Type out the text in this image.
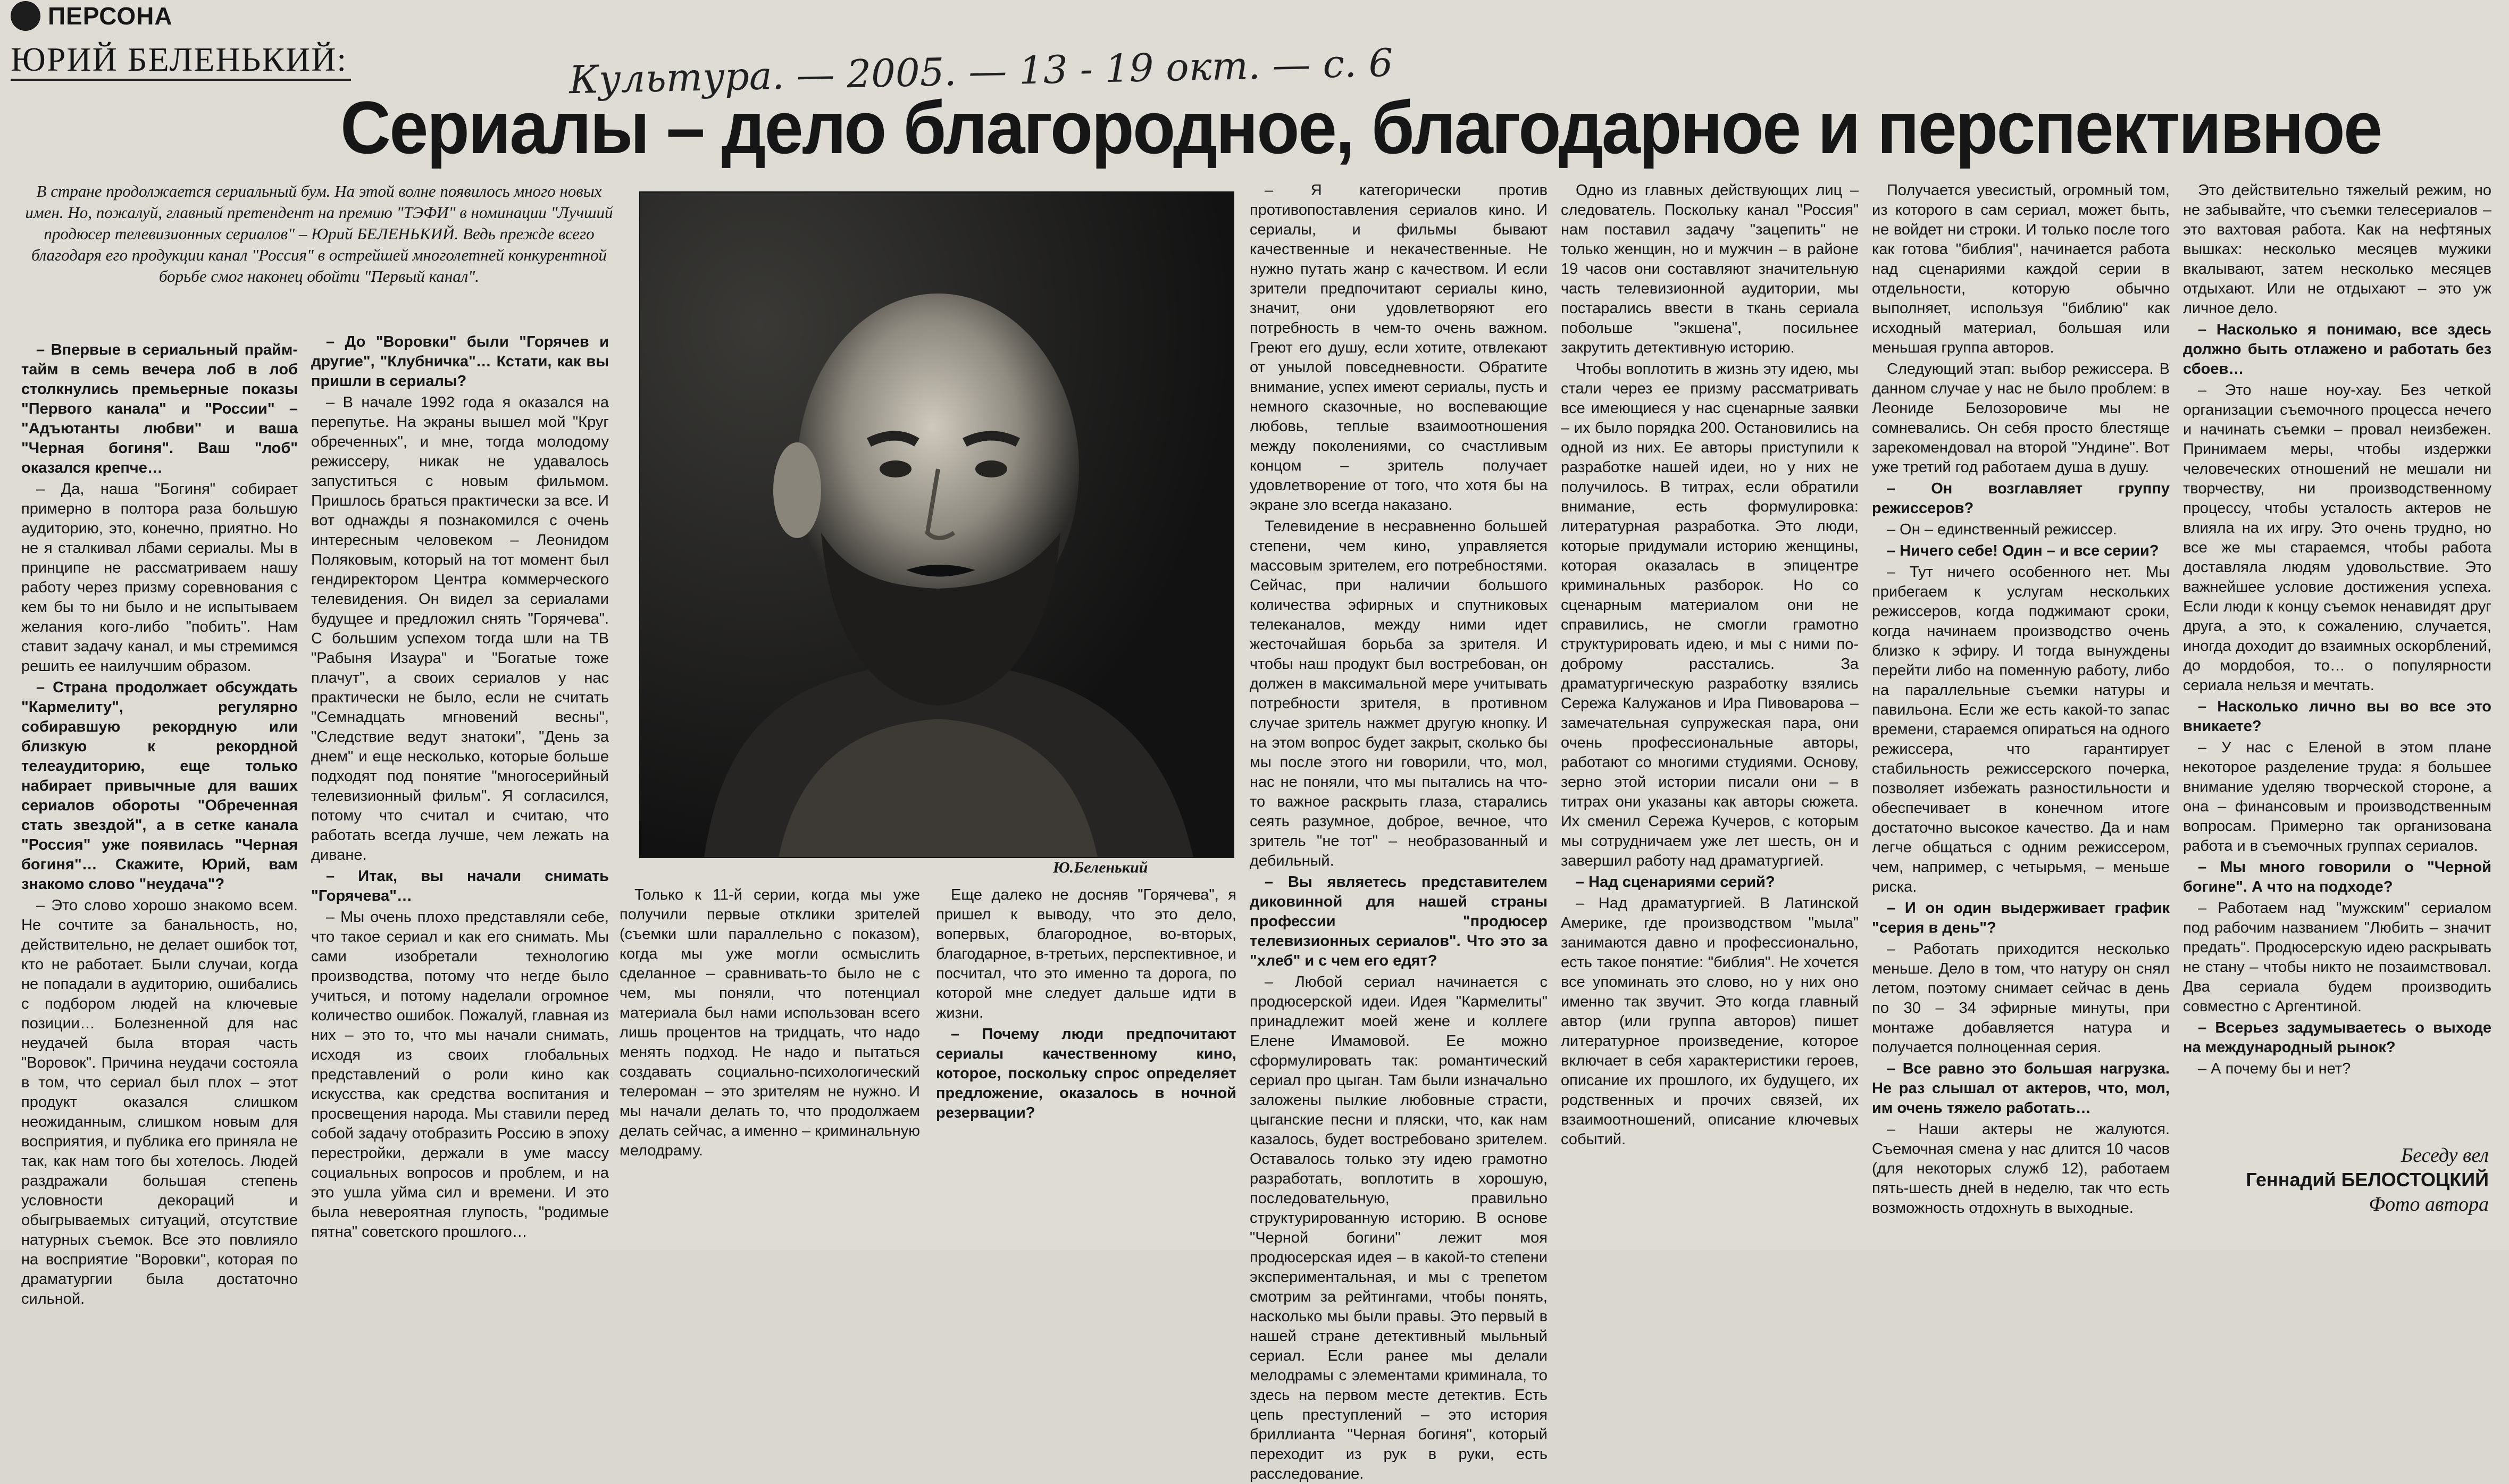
ПЕРСОНА
ЮРИЙ БЕЛЕНЬКИЙ:	Культура. — 2005. — 13 - 19 окт. — с. 6
Сериалы – дело благородное, благодарное и перспективное
В стране продолжается сериальный бум. На этой волне появилось много новых имен. Но, пожалуй, главный претендент на премию "ТЭФИ" в номинации "Лучший продюсер телевизионных сериалов" – Юрий БЕЛЕНЬКИЙ. Ведь прежде всего благодаря его продукции канал "Россия" в острейшей многолетней конкурентной борьбе смог наконец обойти "Первый канал".
Ю.Беленький

– Впервые в сериальный прайм-тайм в семь вечера лоб в лоб столкнулись премьерные показы "Первого канала" и "России" – "Адъютанты любви" и ваша "Черная богиня". Ваш "лоб" оказался крепче…

– Да, наша "Богиня" собирает примерно в полтора раза большую аудиторию, это, конечно, приятно. Но не я сталкивал лбами сериалы. Мы в принципе не рассматриваем нашу работу через призму соревнования с кем бы то ни было и не испытываем желания кого-либо "побить". Нам ставит задачу канал, и мы стремимся решить ее наилучшим образом.

– Страна продолжает обсуждать "Кармелиту", регулярно собиравшую рекордную или близкую к рекордной телеаудиторию, еще только набирает привычные для ваших сериалов обороты "Обреченная стать звездой", а в сетке канала "Россия" уже появилась "Черная богиня"… Скажите, Юрий, вам знакомо слово "неудача"?

– Это слово хорошо знакомо всем. Не сочтите за банальность, но, действительно, не делает ошибок тот, кто не работает. Были случаи, когда не попадали в аудиторию, ошибались с подбором людей на ключевые позиции… Болезненной для нас неудачей была вторая часть "Воровок". Причина неудачи состояла в том, что сериал был плох – этот продукт оказался слишком неожиданным, слишком новым для восприятия, и публика его приняла не так, как нам того бы хотелось. Людей раздражали большая степень условности декораций и обыгрываемых ситуаций, отсутствие натурных съемок. Все это повлияло на восприятие "Воровки", которая по драматургии была достаточно сильной.

– До "Воровки" были "Горячев и другие", "Клубничка"… Кстати, как вы пришли в сериалы?

– В начале 1992 года я оказался на перепутье. На экраны вышел мой "Круг обреченных", и мне, тогда молодому режиссеру, никак не удавалось запуститься с новым фильмом. Пришлось браться практически за все. И вот однажды я познакомился с очень интересным человеком – Леонидом Поляковым, который на тот момент был гендиректором Центра коммерческого телевидения. Он видел за сериалами будущее и предложил снять "Горячева". С большим успехом тогда шли на ТВ "Рабыня Изаура" и "Богатые тоже плачут", а своих сериалов у нас практически не было, если не считать "Семнадцать мгновений весны", "Следствие ведут знатоки", "День за днем" и еще несколько, которые больше подходят под понятие "многосерийный телевизионный фильм". Я согласился, потому что считал и считаю, что работать всегда лучше, чем лежать на диване.

– Итак, вы начали снимать "Горячева"…

– Мы очень плохо представляли себе, что такое сериал и как его снимать. Мы сами изобретали технологию производства, потому что негде было учиться, и потому наделали огромное количество ошибок. Пожалуй, главная из них – это то, что мы начали снимать, исходя из своих глобальных представлений о роли кино как искусства, как средства воспитания и просвещения народа. Мы ставили перед собой задачу отобразить Россию в эпоху перестройки, держали в уме массу социальных вопросов и проблем, и на это ушла уйма сил и времени. И это была невероятная глупость, "родимые пятна" советского прошлого…

Только к 11-й серии, когда мы уже получили первые отклики зрителей (съемки шли параллельно с показом), когда мы уже могли осмыслить сделанное – сравнивать-то было не с чем, мы поняли, что потенциал материала был нами использован всего лишь процентов на тридцать, что надо менять подход. Не надо и пытаться создавать социально-психологический телероман – это зрителям не нужно. И мы начали делать то, что продолжаем делать сейчас, а именно – криминальную мелодраму.

Еще далеко не досняв "Горячева", я пришел к выводу, что это дело, вопервых, благородное, во-вторых, благодарное, в-третьих, перспективное, и посчитал, что это именно та дорога, по которой мне следует дальше идти в жизни.

– Почему люди предпочитают сериалы качественному кино, которое, поскольку спрос определяет предложение, оказалось в ночной резервации?

– Я категорически против противопоставления сериалов кино. И сериалы, и фильмы бывают качественные и некачественные. Не нужно путать жанр с качеством. И если зрители предпочитают сериалы кино, значит, они удовлетворяют его потребность в чем-то очень важном. Греют его душу, если хотите, отвлекают от унылой повседневности. Обратите внимание, успех имеют сериалы, пусть и немного сказочные, но воспевающие любовь, теплые взаимоотношения между поколениями, со счастливым концом – зритель получает удовлетворение от того, что хотя бы на экране зло всегда наказано.

Телевидение в несравненно большей степени, чем кино, управляется массовым зрителем, его потребностями. Сейчас, при наличии большого количества эфирных и спутниковых телеканалов, между ними идет жесточайшая борьба за зрителя. И чтобы наш продукт был востребован, он должен в максимальной мере учитывать потребности зрителя, в противном случае зритель нажмет другую кнопку. И на этом вопрос будет закрыт, сколько бы мы после этого ни говорили, что, мол, нас не поняли, что мы пытались на что-то важное раскрыть глаза, старались сеять разумное, доброе, вечное, что зритель "не тот" – необразованный и дебильный.

– Вы являетесь представителем диковинной для нашей страны профессии "продюсер телевизионных сериалов". Что это за "хлеб" и с чем его едят?

– Любой сериал начинается с продюсерской идеи. Идея "Кармелиты" принадлежит моей жене и коллеге Елене Имамовой. Ее можно сформулировать так: романтический сериал про цыган. Там были изначально заложены пылкие любовные страсти, цыганские песни и пляски, что, как нам казалось, будет востребовано зрителем. Оставалось только эту идею грамотно разработать, воплотить в хорошую, последовательную, правильно структурированную историю. В основе "Черной богини" лежит моя продюсерская идея – в какой-то степени экспериментальная, и мы с трепетом смотрим за рейтингами, чтобы понять, насколько мы были правы. Это первый в нашей стране детективный мыльный сериал. Если ранее мы делали мелодрамы с элементами криминала, то здесь на первом месте детектив. Есть цепь преступлений – это история бриллианта "Черная богиня", который переходит из рук в руки, есть расследование.

Одно из главных действующих лиц – следователь. Поскольку канал "Россия" нам поставил задачу "зацепить" не только женщин, но и мужчин – в районе 19 часов они составляют значительную часть телевизионной аудитории, мы постарались ввести в ткань сериала побольше "экшена", посильнее закрутить детективную историю.

Чтобы воплотить в жизнь эту идею, мы стали через ее призму рассматривать все имеющиеся у нас сценарные заявки – их было порядка 200. Остановились на одной из них. Ее авторы приступили к разработке нашей идеи, но у них не получилось. В титрах, если обратили внимание, есть формулировка: литературная разработка. Это люди, которые придумали историю женщины, которая оказалась в эпицентре криминальных разборок. Но со сценарным материалом они не справились, не смогли грамотно структурировать идею, и мы с ними по-доброму расстались. За драматургическую разработку взялись Сережа Калужанов и Ира Пивоварова – замечательная супружеская пара, они очень профессиональные авторы, работают со многими студиями. Основу, зерно этой истории писали они – в титрах они указаны как авторы сюжета. Их сменил Сережа Кучеров, с которым мы сотрудничаем уже лет шесть, он и завершил работу над драматургией.

– Над сценариями серий?

– Над драматургией. В Латинской Америке, где производством "мыла" занимаются давно и профессионально, есть такое понятие: "библия". Не хочется все упоминать это слово, но у них оно именно так звучит. Это когда главный автор (или группа авторов) пишет литературное произведение, которое включает в себя характеристики героев, описание их прошлого, их будущего, их родственных и прочих связей, их взаимоотношений, описание ключевых событий.

Получается увесистый, огромный том, из которого в сам сериал, может быть, не войдет ни строки. И только после того как готова "библия", начинается работа над сценариями каждой серии в отдельности, которую обычно выполняет, используя "библию" как исходный материал, большая или меньшая группа авторов.

Следующий этап: выбор режиссера. В данном случае у нас не было проблем: в Леониде Белозоровиче мы не сомневались. Он себя просто блестяще зарекомендовал на второй "Ундине". Вот уже третий год работаем душа в душу.

– Он возглавляет группу режиссеров?

– Он – единственный режиссер.

– Ничего себе! Один – и все серии?

– Тут ничего особенного нет. Мы прибегаем к услугам нескольких режиссеров, когда поджимают сроки, когда начинаем производство очень близко к эфиру. И тогда вынуждены перейти либо на поменную работу, либо на параллельные съемки натуры и павильона. Если же есть какой-то запас времени, стараемся опираться на одного режиссера, что гарантирует стабильность режиссерского почерка, позволяет избежать разностильности и обеспечивает в конечном итоге достаточно высокое качество. Да и нам легче общаться с одним режиссером, чем, например, с четырьмя, – меньше риска.

– И он один выдерживает график "серия в день"?

– Работать приходится несколько меньше. Дело в том, что натуру он снял летом, поэтому снимает сейчас в день по 30 – 34 эфирные минуты, при монтаже добавляется натура и получается полноценная серия.

– Все равно это большая нагрузка. Не раз слышал от актеров, что, мол, им очень тяжело работать…

– Наши актеры не жалуются. Съемочная смена у нас длится 10 часов (для некоторых служб 12), работаем пять-шесть дней в неделю, так что есть возможность отдохнуть в выходные.

Это действительно тяжелый режим, но не забывайте, что съемки телесериалов – это вахтовая работа. Как на нефтяных вышках: несколько месяцев мужики вкалывают, затем несколько месяцев отдыхают. Или не отдыхают – это уж личное дело.

– Насколько я понимаю, все здесь должно быть отлажено и работать без сбоев…

– Это наше ноу-хау. Без четкой организации съемочного процесса нечего и начинать съемки – провал неизбежен. Принимаем меры, чтобы издержки человеческих отношений не мешали ни творчеству, ни производственному процессу, чтобы усталость актеров не влияла на их игру. Это очень трудно, но все же мы стараемся, чтобы работа доставляла людям удовольствие. Это важнейшее условие достижения успеха. Если люди к концу съемок ненавидят друг друга, а это, к сожалению, случается, иногда доходит до взаимных оскорблений, до мордобоя, то… о популярности сериала нельзя и мечтать.

– Насколько лично вы во все это вникаете?

– У нас с Еленой в этом плане некоторое разделение труда: я большее внимание уделяю творческой стороне, а она – финансовым и производственным вопросам. Примерно так организована работа и в съемочных группах сериалов.

– Мы много говорили о "Черной богине". А что на подходе?

– Работаем над "мужским" сериалом под рабочим названием "Любить – значит предать". Продюсерскую идею раскрывать не стану – чтобы никто не позаимствовал. Два сериала будем производить совместно с Аргентиной.

– Всерьез задумываетесь о выходе на международный рынок?

– А почему бы и нет?

Беседу вел
Геннадий БЕЛОСТОЦКИЙ
Фото автора
